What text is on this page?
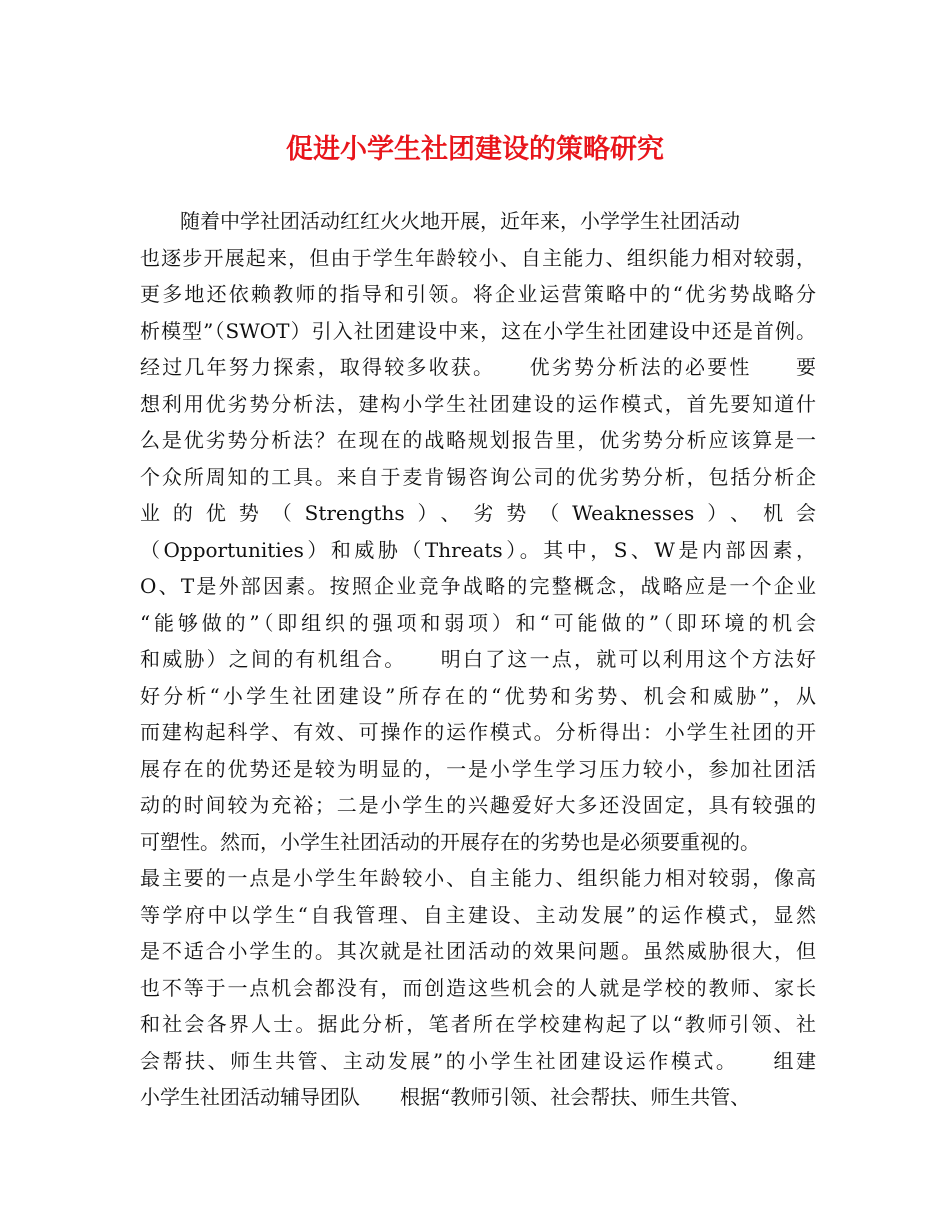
促进小学生社团建设的策略研究
　　随着中学社团活动红红火火地开展，近年来，小学学生社团活动
也逐步开展起来，但由于学生年龄较小、自主能力、组织能力相对较弱，
更多地还依赖教师的指导和引领。将企业运营策略中的“优劣势战略分
析模型”（SWOT）引入社团建设中来，这在小学生社团建设中还是首例。
经过几年努力探索，取得较多收获。　　优劣势分析法的必要性　　要
想利用优劣势分析法，建构小学生社团建设的运作模式，首先要知道什
么是优劣势分析法？在现在的战略规划报告里，优劣势分析应该算是一
个众所周知的工具。来自于麦肯锡咨询公司的优劣势分析，包括分析企
业的优势（Strengths）、劣势（Weaknesses）、机会
（Opportunities）和威胁（Threats）。其中，S、W是内部因素，
O、T是外部因素。按照企业竞争战略的完整概念，战略应是一个企业
“能够做的”（即组织的强项和弱项）和“可能做的”（即环境的机会
和威胁）之间的有机组合。　　明白了这一点，就可以利用这个方法好
好分析“小学生社团建设”所存在的“优势和劣势、机会和威胁”，从
而建构起科学、有效、可操作的运作模式。分析得出：小学生社团的开
展存在的优势还是较为明显的，一是小学生学习压力较小，参加社团活
动的时间较为充裕；二是小学生的兴趣爱好大多还没固定，具有较强的
可塑性。然而，小学生社团活动的开展存在的劣势也是必须要重视的。
最主要的一点是小学生年龄较小、自主能力、组织能力相对较弱，像高
等学府中以学生“自我管理、自主建设、主动发展”的运作模式，显然
是不适合小学生的。其次就是社团活动的效果问题。虽然威胁很大，但
也不等于一点机会都没有，而创造这些机会的人就是学校的教师、家长
和社会各界人士。据此分析，笔者所在学校建构起了以“教师引领、社
会帮扶、师生共管、主动发展”的小学生社团建设运作模式。　　组建
小学生社团活动辅导团队　　根据“教师引领、社会帮扶、师生共管、
